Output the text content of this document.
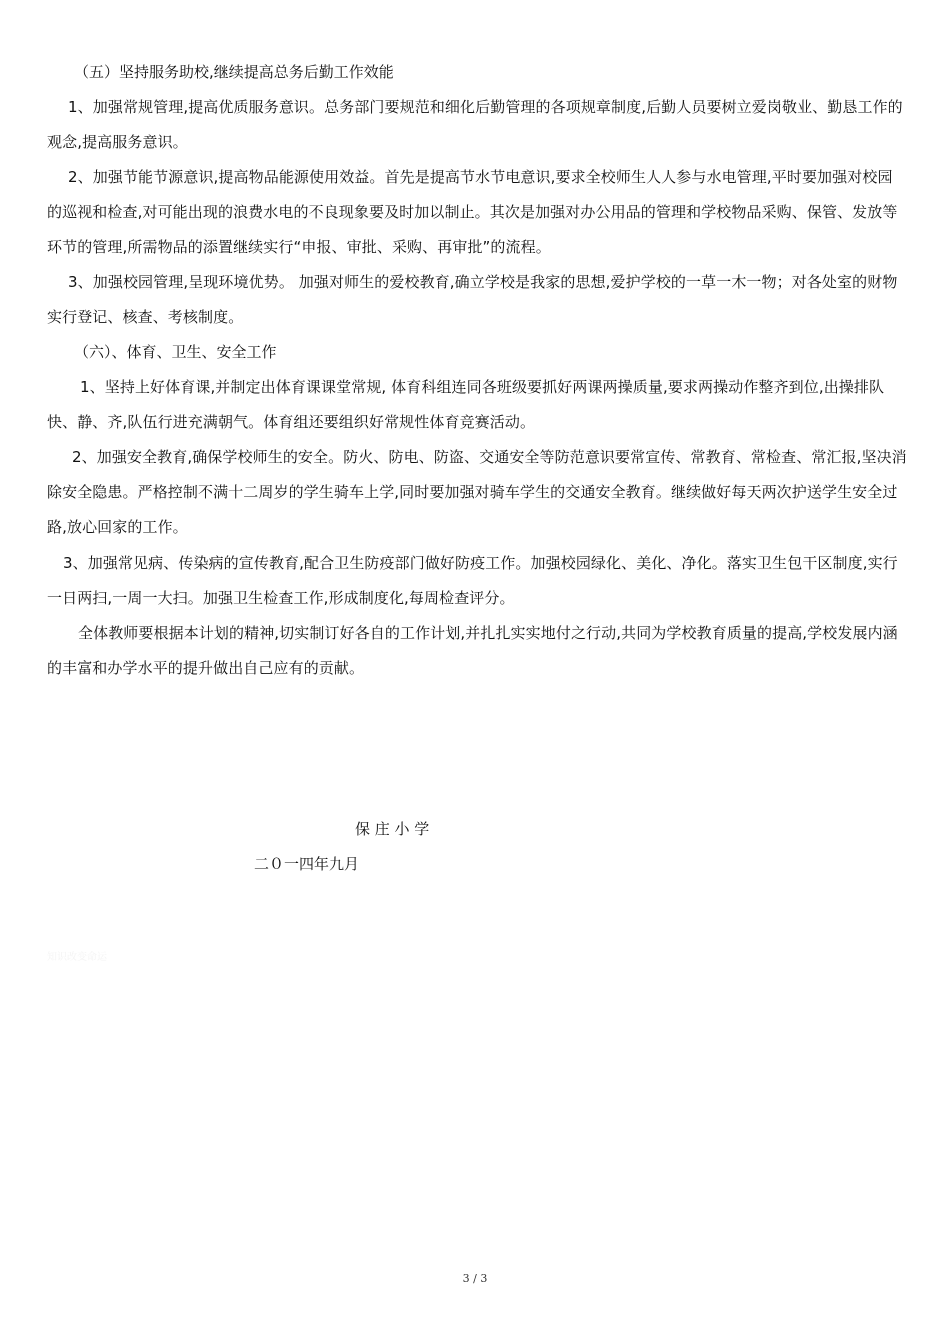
（五）坚持服务助校,继续提高总务后勤工作效能

1、加强常规管理,提高优质服务意识。总务部门要规范和细化后勤管理的各项规章制度,后勤人员要树立爱岗敬业、勤恳工作的观念,提高服务意识。

2、加强节能节源意识,提高物品能源使用效益。首先是提高节水节电意识,要求全校师生人人参与水电管理,平时要加强对校园的巡视和检查,对可能出现的浪费水电的不良现象要及时加以制止。其次是加强对办公用品的管理和学校物品采购、保管、发放等环节的管理,所需物品的添置继续实行“申报、审批、采购、再审批”的流程。

3、加强校园管理,呈现环境优势。 加强对师生的爱校教育,确立学校是我家的思想,爱护学校的一草一木一物；对各处室的财物实行登记、核查、考核制度。

（六）、体育、卫生、安全工作

1、坚持上好体育课,并制定出体育课课堂常规, 体育科组连同各班级要抓好两课两操质量,要求两操动作整齐到位,出操排队快、静、齐,队伍行进充满朝气。体育组还要组织好常规性体育竞赛活动。

2、加强安全教育,确保学校师生的安全。防火、防电、防盗、交通安全等防范意识要常宣传、常教育、常检查、常汇报,坚决消除安全隐患。严格控制不满十二周岁的学生骑车上学,同时要加强对骑车学生的交通安全教育。继续做好每天两次护送学生安全过路,放心回家的工作。

3、加强常见病、传染病的宣传教育,配合卫生防疫部门做好防疫工作。加强校园绿化、美化、净化。落实卫生包干区制度,实行一日两扫,一周一大扫。加强卫生检查工作,形成制度化,每周检查评分。

全体教师要根据本计划的精神,切实制订好各自的工作计划,并扎扎实实地付之行动,共同为学校教育质量的提高,学校发展内涵的丰富和办学水平的提升做出自己应有的贡献。

保 庄 小 学

二０一四年九月

知识改变命运
3 / 3
